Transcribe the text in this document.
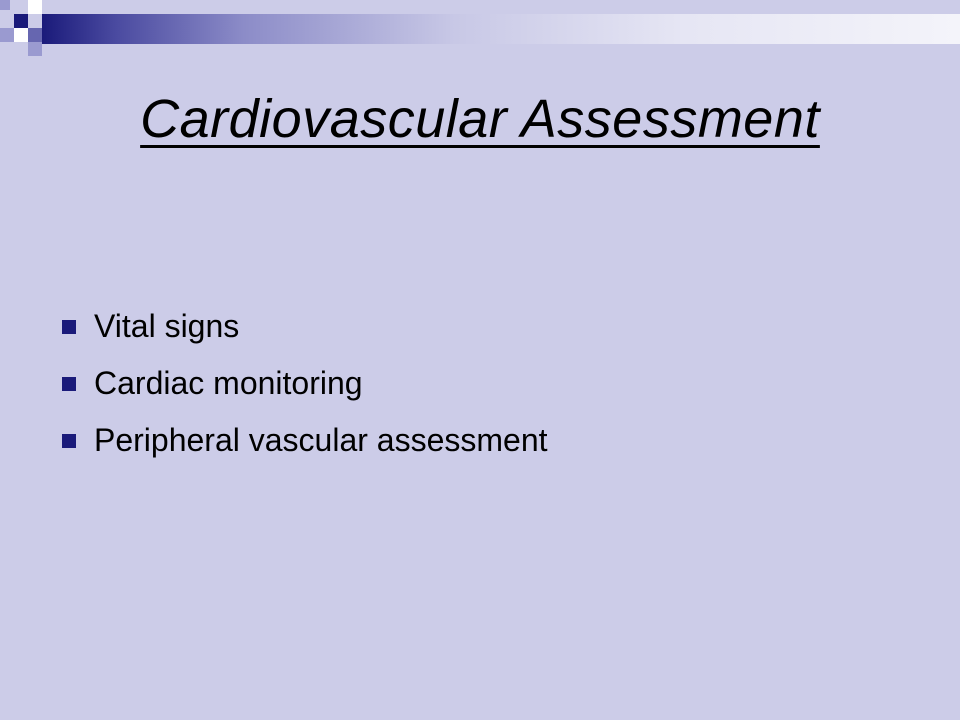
Cardiovascular Assessment
Vital signs
Cardiac monitoring
Peripheral vascular assessment
